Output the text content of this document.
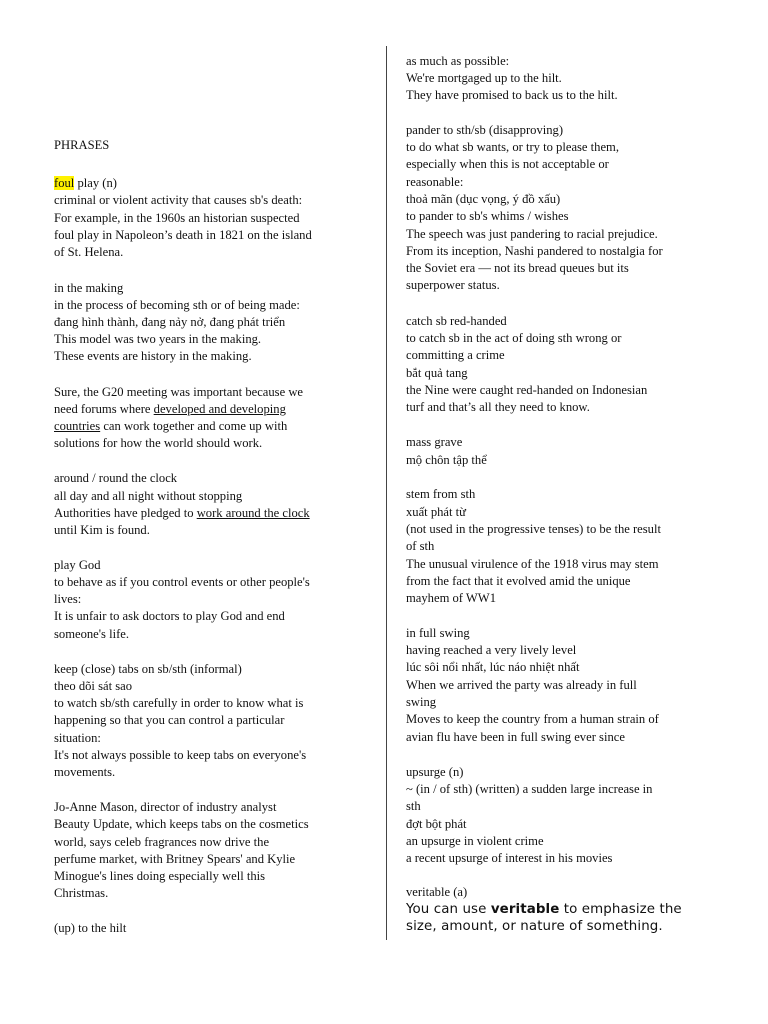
PHRASES
foul play (n)
criminal or violent activity that causes sb's death:
For example, in the 1960s an historian suspected
foul play in Napoleon’s death in 1821 on the island
of St. Helena.
in the making
in the process of becoming sth or of being made:
đang hình thành, đang nảy nở, đang phát triển
This model was two years in the making.
These events are history in the making.
Sure, the G20 meeting was important because we
need forums where developed and developing
countries can work together and come up with
solutions for how the world should work.
around / round the clock
all day and all night without stopping
Authorities have pledged to work around the clock
until Kim is found.
play God
to behave as if you control events or other people's
lives:
It is unfair to ask doctors to play God and end
someone's life.
keep (close) tabs on sb/sth (informal)
theo dõi sát sao
to watch sb/sth carefully in order to know what is
happening so that you can control a particular
situation:
It's not always possible to keep tabs on everyone's
movements.
Jo-Anne Mason, director of industry analyst
Beauty Update, which keeps tabs on the cosmetics
world, says celeb fragrances now drive the
perfume market, with Britney Spears' and Kylie
Minogue's lines doing especially well this
Christmas.
(up) to the hilt
as much as possible:
We're mortgaged up to the hilt.
They have promised to back us to the hilt.
pander to sth/sb (disapproving)
to do what sb wants, or try to please them,
especially when this is not acceptable or
reasonable:
thoả mãn (dục vọng, ý đồ xấu)
to pander to sb's whims / wishes
The speech was just pandering to racial prejudice.
From its inception, Nashi pandered to nostalgia for
the Soviet era — not its bread queues but its
superpower status.
catch sb red-handed
to catch sb in the act of doing sth wrong or
committing a crime
bắt quả tang
the Nine were caught red-handed on Indonesian
turf and that’s all they need to know.
mass grave
mộ chôn tập thể
stem from sth
xuất phát từ
(not used in the progressive tenses) to be the result
of sth
The unusual virulence of the 1918 virus may stem
from the fact that it evolved amid the unique
mayhem of WW1
in full swing
having reached a very lively level
lúc sôi nổi nhất, lúc náo nhiệt nhất
When we arrived the party was already in full
swing
Moves to keep the country from a human strain of
avian flu have been in full swing ever since
upsurge (n)
~ (in / of sth) (written) a sudden large increase in
sth
đợt bột phát
an upsurge in violent crime
a recent upsurge of interest in his movies
veritable (a)
You can use veritable to emphasize the
size, amount, or nature of something.
